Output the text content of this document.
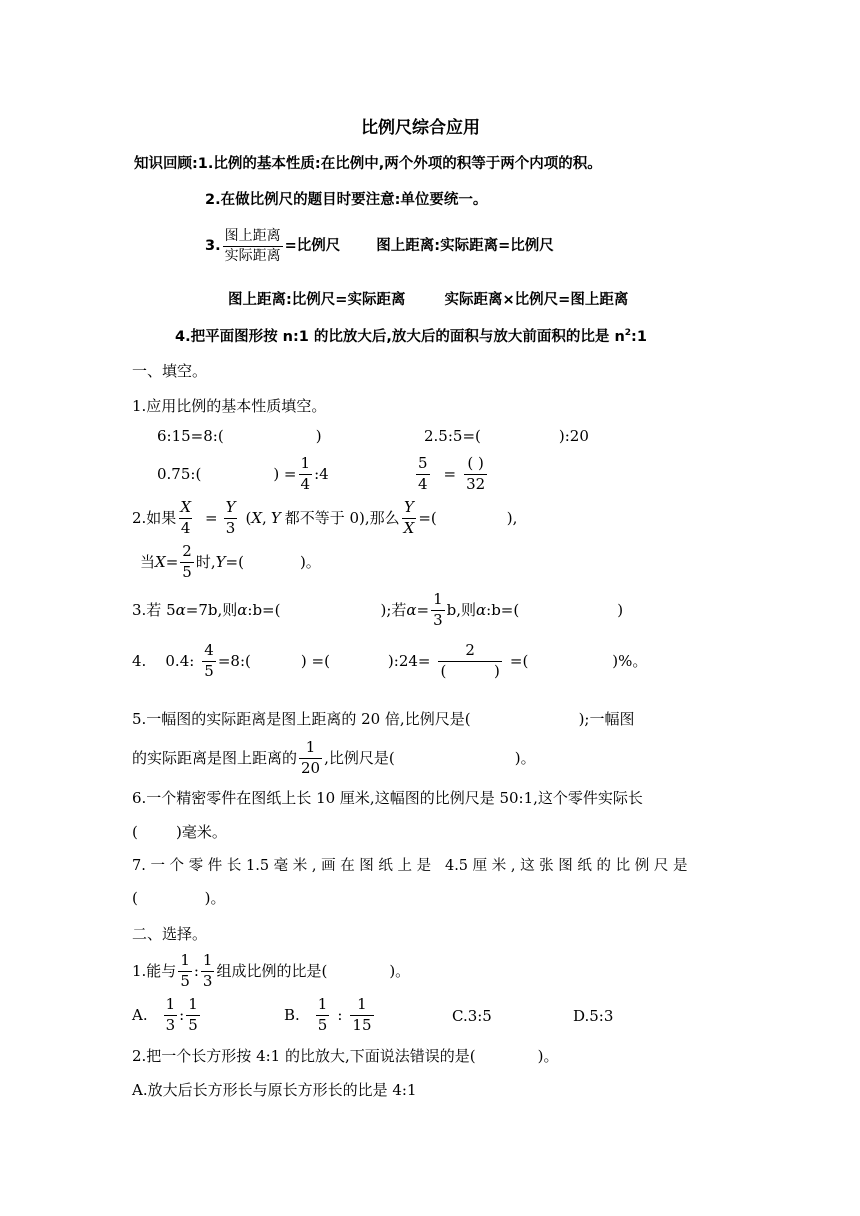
比例尺综合应用
知识回顾:1.比例的基本性质:在比例中,两个外项的积等于两个内项的积。
2.在做比例尺的题目时要注意:单位要统一。
3. $\frac{\text{图上距离}}{\text{实际距离}}$ =比例尺 图上距离:实际距离=比例尺
图上距离:比例尺=实际距离	实际距离×比例尺=图上距离
4.把平面图形按 n:1 的比放大后,放大后的面积与放大前面积的比是 $n^2:1$
一、填空。
1.应用比例的基本性质填空。
6:15=8:(	)	2.5:5=(	):20
0.75:(	) = $\frac{1}{4}$ :4	$\frac{5}{4} = \frac{( )}{32}$
2.如果 $\frac{X}{4} = \frac{Y}{3}$ ( X , Y 都不等于 0),那么 $\frac{Y}{X}$ =(	),
当 $X = \frac{2}{5}$ 时, Y =(	)。
3.若 5 α =7b,则 α :b=(	);若 $\alpha = \frac{1}{3} b$,则 α :b=(	)
4.    0.4: $\frac{4}{5}$ =8:(	) =(	):24= $\frac{2}{( )}$ =(	)%。
5.一幅图的实际距离是图上距离的 20 倍,比例尺是(	);一幅图
的实际距离是图上距离的 $\frac{1}{20}$ ,比例尺是(	)。
6.一个精密零件在图纸上长 10 厘米,这幅图的比例尺是 50:1,这个零件实际长
(        )毫米。
7. 一 个 零 件 长 1.5 毫 米 , 画 在 图 纸 上 是   4.5 厘 米 , 这 张 图 纸 的 比 例 尺 是
(              )。
二、选择。
1.能与 $\frac{1}{5}$ : $\frac{1}{3}$ 组成比例的比是(	)。
A. $\frac{1}{3}$ : $\frac{1}{5}$	B. $\frac{1}{5}$ : $\frac{1}{15}$	C.3:5	D.5:3
2.把一个长方形按 4:1 的比放大,下面说法错误的是(	)。
A.放大后长方形长与原长方形长的比是 4:1
